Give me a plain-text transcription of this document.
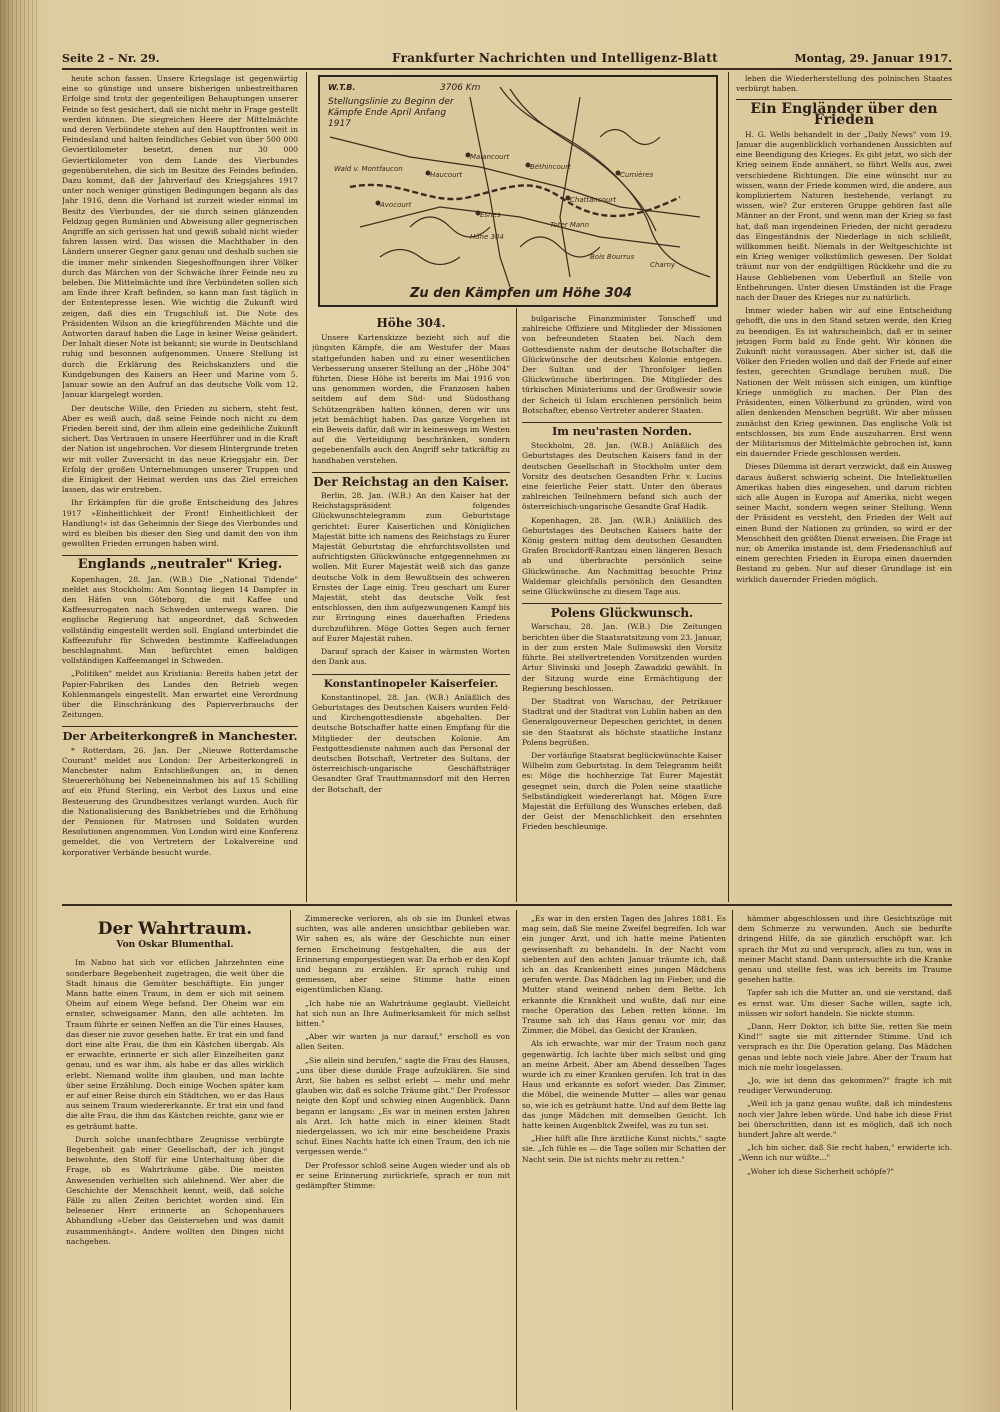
Seite 2 – Nr. 29.	Frankfurter Nachrichten und Intelligenz-Blatt	Montag, 29. Januar 1917.

heute schon fassen. Unsere Kriegslage ist gegenwärtig eine so günstige und unsere bisherigen unbestreitbaren Erfolge sind trotz der gegenteiligen Behauptungen unserer Feinde so fest gesichert, daß sie nicht mehr in Frage gestellt werden können. Die siegreichen Heere der Mittelmächte und deren Verbündete stehen auf den Hauptfronten weit in Feindesland und halten feindliches Gebiet von über 500 000 Geviertkilometer besetzt, denen nur 30 000 Geviertkilometer von dem Lande des Vierbundes gegenüberstehen, die sich im Besitze des Feindes befinden. Dazu kommt, daß der Jahrverlauf des Kriegsjahres 1917 unter noch weniger günstigen Bedingungen begann als das Jahr 1916, denn die Vorhand ist zurzeit wieder einmal im Besitz des Vierbundes, der sie durch seinen glänzenden Feldzug gegen Rumänien und Abweisung aller gegnerischen Angriffe an sich gerissen hat und gewiß sobald nicht wieder fahren lassen wird. Das wissen die Machthaber in den Ländern unserer Gegner ganz genau und deshalb suchen sie die immer mehr sinkenden Siegeshoffnungen ihrer Völker durch das Märchen von der Schwäche ihrer Feinde neu zu beleben. Die Mittelmächte und ihre Verbündeten sollen sich am Ende ihrer Kraft befinden, so kann man fast täglich in der Ententepresse lesen. Wie wichtig die Zukunft wird zeigen, daß dies ein Trugschluß ist. Die Note des Präsidenten Wilson an die kriegführenden Mächte und die Antworten darauf haben die Lage in keiner Weise geändert. Der Inhalt dieser Note ist bekannt; sie wurde in Deutschland ruhig und besonnen aufgenommen. Unsere Stellung ist durch die Erklärung des Reichskanzlers und die Kundgebungen des Kaisers an Heer und Marine vom 5. Januar sowie an den Aufruf an das deutsche Volk vom 12. Januar klargelegt worden.

Der deutsche Wille, den Frieden zu sichern, steht fest. Aber es weiß auch, daß seine Feinde noch nicht zu dem Frieden bereit sind, der ihm allein eine gedeihliche Zukunft sichert. Das Vertrauen in unsere Heerführer und in die Kraft der Nation ist ungebrochen. Vor diesem Hintergrunde treten wir mit voller Zuversicht in das neue Kriegsjahr ein. Der Erfolg der großen Unternehmungen unserer Truppen und die Einigkeit der Heimat werden uns das Ziel erreichen lassen, das wir erstreben.

Ihr Erkämpfen für die große Entscheidung des Jahres 1917 »Einheitlichkeit der Front! Einheitlichkeit der Handlung!« ist das Geheimnis der Siege des Vierbundes und wird es bleiben bis dieser den Sieg und damit den von ihm gewollten Frieden errungen haben wird.

Englands „neutraler" Krieg.

Kopenhagen, 28. Jan. (W.B.) Die „National Tidende" meldet aus Stockholm: Am Sonntag liegen 14 Dampfer in den Häfen von Göteborg, die mit Kaffee und Kaffeesurrogaten nach Schweden unterwegs waren. Die englische Regierung hat angeordnet, daß Schweden vollständig eingestellt werden soll. England unterbindet die Kaffeezufuhr für Schweden bestimmte Kaffeeladungen beschlagnahmt. Man befürchtet einen baldigen vollständigen Kaffeemangel in Schweden.

„Politiken" meldet aus Kristiania: Bereits haben jetzt der Papier-Fabriken des Landes den Betrieb wegen Kohlenmangels eingestellt. Man erwartet eine Verordnung über die Einschränkung des Papierverbrauchs der Zeitungen.

Der Arbeiterkongreß in Manchester.

* Rotterdam, 26. Jan. Der „Nieuwe Rotterdamsche Courant" meldet aus London: Der Arbeiterkongreß in Manchester nahm Entschließungen an, in denen Steuererhöhung bei Nebeneinnahmen bis auf 15 Schilling auf ein Pfund Sterling, ein Verbot des Luxus und eine Besteuerung des Grundbesitzes verlangt wurden. Auch für die Nationalisierung des Bankbetriebes und die Erhöhung der Pensionen für Matrosen und Soldaten wurden Resolutionen angenommen. Von London wird eine Konferenz gemeldet, die von Vertretern der Lokalvereine und korporativer Verbände besucht wurde.

Malancourt
Béthincourt
Esnes
Chattancourt
Cumières
Haucourt
Avocourt
Wald v. Montfaucon
Höhe 304
Toter Mann
Bois Bourrus
Charny
W.T.B.	3706 Km
Stellungslinie zu Beginn der Kämpfe Ende April Anfang 1917
Zu den Kämpfen um Höhe 304
Höhe 304.

Unsere Kartenskizze bezieht sich auf die jüngsten Kämpfe, die am Westufer der Maas stattgefunden haben und zu einer wesentlichen Verbesserung unserer Stellung an der „Höhe 304" führten. Diese Höhe ist bereits im Mai 1916 von uns genommen worden, die Franzosen haben seitdem auf dem Süd- und Südosthang Schützengräben halten können, deren wir uns jetzt bemächtigt haben. Das ganze Vorgehen ist ein Beweis dafür, daß wir in keineswegs im Westen auf die Verteidigung beschränken, sondern gegebenenfalls auch den Angriff sehr tatkräftig zu handhaben verstehen.

Der Reichstag an den Kaiser.

Berlin, 28. Jan. (W.B.) An den Kaiser hat der Reichstagspräsident folgendes Glückwunschtelegramm zum Geburtstage gerichtet: Eurer Kaiserlichen und Königlichen Majestät bitte ich namens des Reichstags zu Eurer Majestät Geburtstag die ehrfurchtsvollsten und aufrichtigsten Glückwünsche entgegennehmen zu wollen. Mit Eurer Majestät weiß sich das ganze deutsche Volk in dem Bewußtsein des schweren Ernstes der Lage einig. Treu geschart um Eurer Majestät, steht das deutsche Volk fest entschlossen, den ihm aufgezwungenen Kampf bis zur Erringung eines dauerhaften Friedens durchzuführen. Möge Gottes Segen auch ferner auf Eurer Majestät ruhen.

Darauf sprach der Kaiser in wärmsten Worten den Dank aus.

Konstantinopeler Kaiserfeier.

Konstantinopel, 28. Jan. (W.B.) Anläßlich des Geburtstages des Deutschen Kaisers wurden Feld- und Kirchengottesdienste abgehalten. Der deutsche Botschafter hatte einen Empfang für die Mitglieder der deutschen Kolonie. Am Festgottesdienste nahmen auch das Personal der deutschen Botschaft, Vertreter des Sultans, der österreichisch-ungarische Geschäftsträger Gesandter Graf Trauttmannsdorf mit den Herren der Botschaft, der

bulgarische Finanzminister Tonscheff und zahlreiche Offiziere und Mitglieder der Missionen von befreundeten Staaten bei. Nach dem Gottesdienste nahm der deutsche Botschafter die Glückwünsche der deutschen Kolonie entgegen. Der Sultan und der Thronfolger ließen Glückwünsche überbringen. Die Mitglieder des türkischen Ministeriums und der Großwesir sowie der Scheich ül Islam erschienen persönlich beim Botschafter, ebenso Vertreter anderer Staaten.

Im neu'rasten Norden.

Stockholm, 28. Jan. (W.B.) Anläßlich des Geburtstages des Deutschen Kaisers fand in der deutschen Gesellschaft in Stockholm unter dem Vorsitz des deutschen Gesandten Frhr. v. Lucius eine feierliche Feier statt. Unter den überaus zahlreichen Teilnehmern befand sich auch der österreichisch-ungarische Gesandte Graf Hadik.

Kopenhagen, 28. Jan. (W.B.) Anläßlich des Geburtstages des Deutschen Kaisers hatte der König gestern mittag dem deutschen Gesandten Grafen Brockdorff-Rantzau einen längeren Besuch ab und überbrachte persönlich seine Glückwünsche. Am Nachmittag besuchte Prinz Waldemar gleichfalls persönlich den Gesandten seine Glückwünsche zu diesem Tage aus.

Polens Glückwunsch.

Warschau, 28. Jan. (W.B.) Die Zeitungen berichten über die Staatsratsitzung vom 23. Januar, in der zum ersten Male Sulimowski den Vorsitz führte. Bei stellvertretenden Vorsitzenden wurden Artur Slivinski und Joseph Zawadzki gewählt. In der Sitzung wurde eine Ermächtigung der Regierung beschlossen.

Der Stadtrat von Warschau, der Petrikauer Stadtrat und der Stadtrat von Lublin haben an den Generalgouverneur Depeschen gerichtet, in denen sie den Staatsrat als höchste staatliche Instanz Polens begrüßen.

Der vorläufige Staatsrat beglückwünschte Kaiser Wilhelm zum Geburtstag. In dem Telegramm heißt es: Möge die hochherzige Tat Eurer Majestät gesegnet sein, durch die Polen seine staatliche Selbständigkeit wiedererlangt hat. Mögen Eure Majestät die Erfüllung des Wunsches erleben, daß der Geist der Menschlichkeit den ersehnten Frieden beschleunige.

leben die Wiederherstellung des polnischen Staates verbürgt haben.

Ein Engländer über den Frieden

H. G. Wells behandelt in der „Daily News" vom 19. Januar die augenblicklich vorhandenen Aussichten auf eine Beendigung des Krieges. Es gibt jetzt, wo sich der Krieg seinem Ende annähert, so führt Wells aus, zwei verschiedene Richtungen. Die eine wünscht nur zu wissen, wann der Friede kommen wird, die andere, aus kompliziertem Naturen bestehende, verlangt zu wissen, wie? Zur ersteren Gruppe gehören fast alle Männer an der Front, und wenn man der Krieg so fast hat, daß man irgendeinen Frieden, der nicht geradezu das Eingeständnis der Niederlage in sich schließt, willkommen heißt. Niemals in der Weltgeschichte ist ein Krieg weniger volkstümlich gewesen. Der Soldat träumt nur von der endgültigen Rückkehr und die zu Hause Gebliebenen vom Ueberfluß an Stelle von Entbehrungen. Unter diesen Umständen ist die Frage nach der Dauer des Krieges nur zu natürlich.

Immer wieder haben wir auf eine Entscheidung gehofft, die uns in den Stand setzen werde, den Krieg zu beendigen. Es ist wahrscheinlich, daß er in seiner jetzigen Form bald zu Ende geht. Wir können die Zukunft nicht voraussagen. Aber sicher ist, daß die Völker den Frieden wollen und daß der Friede auf einer festen, gerechten Grundlage beruhen muß. Die Nationen der Welt müssen sich einigen, um künftige Kriege unmöglich zu machen. Der Plan des Präsidenten, einen Völkerbund zu gründen, wird von allen denkenden Menschen begrüßt. Wir aber müssen zunächst den Krieg gewinnen. Das englische Volk ist entschlossen, bis zum Ende auszuharren. Erst wenn der Militarismus der Mittelmächte gebrochen ist, kann ein dauernder Friede geschlossen werden.

Dieses Dilemma ist derart verzwickt, daß ein Ausweg daraus äußerst schwierig scheint. Die Intellektuellen Amerikas haben dies eingesehen, und darum richten sich alle Augen in Europa auf Amerika, nicht wegen seiner Macht, sondern wegen seiner Stellung. Wenn der Präsident es versteht, den Frieden der Welt auf einen Bund der Nationen zu gründen, so wird er der Menschheit den größten Dienst erweisen. Die Frage ist nur, ob Amerika imstande ist, dem Friedensschluß auf einem gerechten Frieden in Europa einen dauernden Bestand zu geben. Nur auf dieser Grundlage ist ein wirklich dauernder Frieden möglich.

Der Wahrtraum.
Von Oskar Blumenthal.

Im Nabno hat sich vor etlichen Jahrzehnten eine sonderbare Begebenheit zugetragen, die weit über die Stadt hinaus die Gemüter beschäftigte. Ein junger Mann hatte einen Traum, in dem er sich mit seinem Oheim auf einem Wege befand. Der Oheim war ein ernster, schweigsamer Mann, den alle achteten. Im Traum führte er seinen Neffen an die Tür eines Hauses, das dieser nie zuvor gesehen hatte. Er trat ein und fand dort eine alte Frau, die ihm ein Kästchen übergab. Als er erwachte, erinnerte er sich aller Einzelheiten ganz genau, und es war ihm, als habe er das alles wirklich erlebt. Niemand wollte ihm glauben, und man lachte über seine Erzählung. Doch einige Wochen später kam er auf einer Reise durch ein Städtchen, wo er das Haus aus seinem Traum wiedererkannte. Er trat ein und fand die alte Frau, die ihm das Kästchen reichte, ganz wie er es geträumt hatte.

Durch solche unanfechtbare Zeugnisse verbürgte Begebenheit gab einer Gesellschaft, der ich jüngst beiwohnte, den Stoff für eine Unterhaltung über die Frage, ob es Wahrträume gäbe. Die meisten Anwesenden verhielten sich ablehnend. Wer aber die Geschichte der Menschheit kennt, weiß, daß solche Fälle zu allen Zeiten berichtet worden sind. Ein belesener Herr erinnerte an Schopenhauers Abhandlung »Ueber das Geistersehen und was damit zusammenhängt«. Andere wollten den Dingen nicht nachgehen.

Zimmerecke verloren, als ob sie im Dunkel etwas suchten, was alle anderen unsichtbar geblieben war. Wir sahen es, als wäre der Geschichte nun einer fernen Erscheinung festgehalten, die aus der Erinnerung emporgestiegen war. Da erhob er den Kopf und begann zu erzählen. Er sprach ruhig und gemessen, aber seine Stimme hatte einen eigentümlichen Klang.

„Ich habe nie an Wahrträume geglaubt. Vielleicht hat sich nun an Ihre Aufmerksamkeit für mich selbst bitten."

„Aber wir warten ja nur darauf," erscholl es von allen Seiten.

„Sie allein sind berufen," sagte die Frau des Hauses, „uns über diese dunkle Frage aufzuklären. Sie sind Arzt, Sie haben es selbst erlebt — mehr und mehr glauben wir, daß es solche Träume gibt." Der Professor neigte den Kopf und schwieg einen Augenblick. Dann begann er langsam: „Es war in meinen ersten Jahren als Arzt. Ich hatte mich in einer kleinen Stadt niedergelassen, wo ich mir eine bescheidene Praxis schuf. Eines Nachts hatte ich einen Traum, den ich nie vergessen werde."

Der Professor schloß seine Augen wieder und als ob er seine Erinnerung zurückriefe, sprach er nun mit gedämpfter Stimme:

„Es war in den ersten Tagen des Jahres 1881. Es mag sein, daß Sie meine Zweifel begreifen. Ich war ein junger Arzt, und ich hatte meine Patienten gewissenhaft zu behandeln. In der Nacht vom siebenten auf den achten Januar träumte ich, daß ich an das Krankenbett eines jungen Mädchens gerufen werde. Das Mädchen lag im Fieber, und die Mutter stand weinend neben dem Bette. Ich erkannte die Krankheit und wußte, daß nur eine rasche Operation das Leben retten könne. Im Traume sah ich das Haus genau vor mir, das Zimmer, die Möbel, das Gesicht der Kranken.

Als ich erwachte, war mir der Traum noch ganz gegenwärtig. Ich lachte über mich selbst und ging an meine Arbeit. Aber am Abend desselben Tages wurde ich zu einer Kranken gerufen. Ich trat in das Haus und erkannte es sofort wieder. Das Zimmer, die Möbel, die weinende Mutter — alles war genau so, wie ich es geträumt hatte. Und auf dem Bette lag das junge Mädchen mit demselben Gesicht. Ich hatte keinen Augenblick Zweifel, was zu tun sei.

„Hier hilft alle Ihre ärztliche Kunst nichts," sagte sie. „Ich fühle es — die Tage sollen mir Schatten der Nacht sein. Die ist nichts mehr zu retten."

hämmer abgeschlossen und ihre Gesichtszüge mit dem Schmerze zu verwunden. Auch sie bedurfte dringend Hilfe, da sie gänzlich erschöpft war. Ich sprach ihr Mut zu und versprach, alles zu tun, was in meiner Macht stand. Dann untersuchte ich die Kranke genau und stellte fest, was ich bereits im Traume gesehen hatte.

Tapfer sah ich die Mutter an, und sie verstand, daß es ernst war. Um dieser Sache willen, sagte ich, müssen wir sofort handeln. Sie nickte stumm.

„Dann, Herr Doktor, ich bitte Sie, retten Sie mein Kind!" sagte sie mit zitternder Stimme. Und ich versprach es ihr. Die Operation gelang. Das Mädchen genas und lebte noch viele Jahre. Aber der Traum hat mich nie mehr losgelassen.

„Jo, wie ist denn das gekommen?" fragte ich mit reudiger Verwunderung.

„Weil ich ja ganz genau wußte, daß ich mindestens noch vier Jahre leben würde. Und habe ich diese Frist bei überschritten, dann ist es möglich, daß ich noch hundert Jahre alt werde."

„Ich bin sicher, daß Sie recht haben," erwiderte ich. „Wenn ich nur wüßte..."

„Woher ich diese Sicherheit schöpfe?"
